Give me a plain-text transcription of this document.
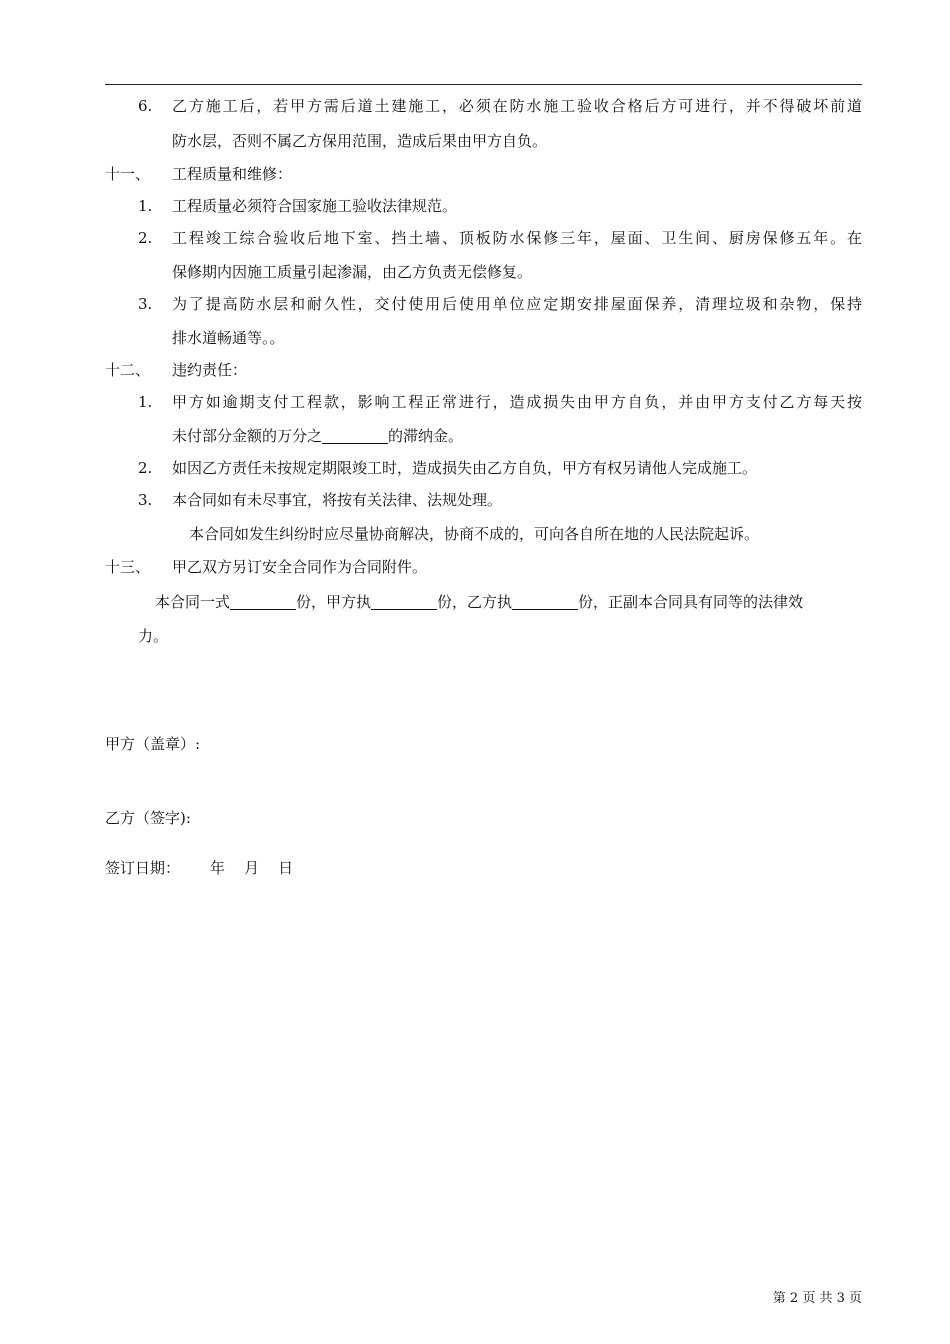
6. 乙方施工后，若甲方需后道土建施工，必须在防水施工验收合格后方可进行，并不得破坏前道
防水层，否则不属乙方保用范围，造成后果由甲方自负。
十一、 工程质量和维修：
1. 工程质量必须符合国家施工验收法律规范。
2. 工程竣工综合验收后地下室、挡土墙、顶板防水保修三年，屋面、卫生间、厨房保修五年。在
保修期内因施工质量引起渗漏，由乙方负责无偿修复。
3. 为了提高防水层和耐久性，交付使用后使用单位应定期安排屋面保养，清理垃圾和杂物，保持
排水道畅通等。。
十二、 违约责任：
1. 甲方如逾期支付工程款，影响工程正常进行，造成损失由甲方自负，并由甲方支付乙方每天按
未付部分金额的万分之	的滞纳金。
2. 如因乙方责任未按规定期限竣工时，造成损失由乙方自负，甲方有权另请他人完成施工。
3. 本合同如有未尽事宜，将按有关法律、法规处理。
本合同如发生纠纷时应尽量协商解决，协商不成的，可向各自所在地的人民法院起诉。
十三、 甲乙双方另订安全合同作为合同附件。
本合同一式	份，甲方执	份，乙方执	份，正副本合同具有同等的法律效
力。
甲方（盖章）:
乙方（签字):
签订日期： 年    月    日
第 2 页 共 3 页
